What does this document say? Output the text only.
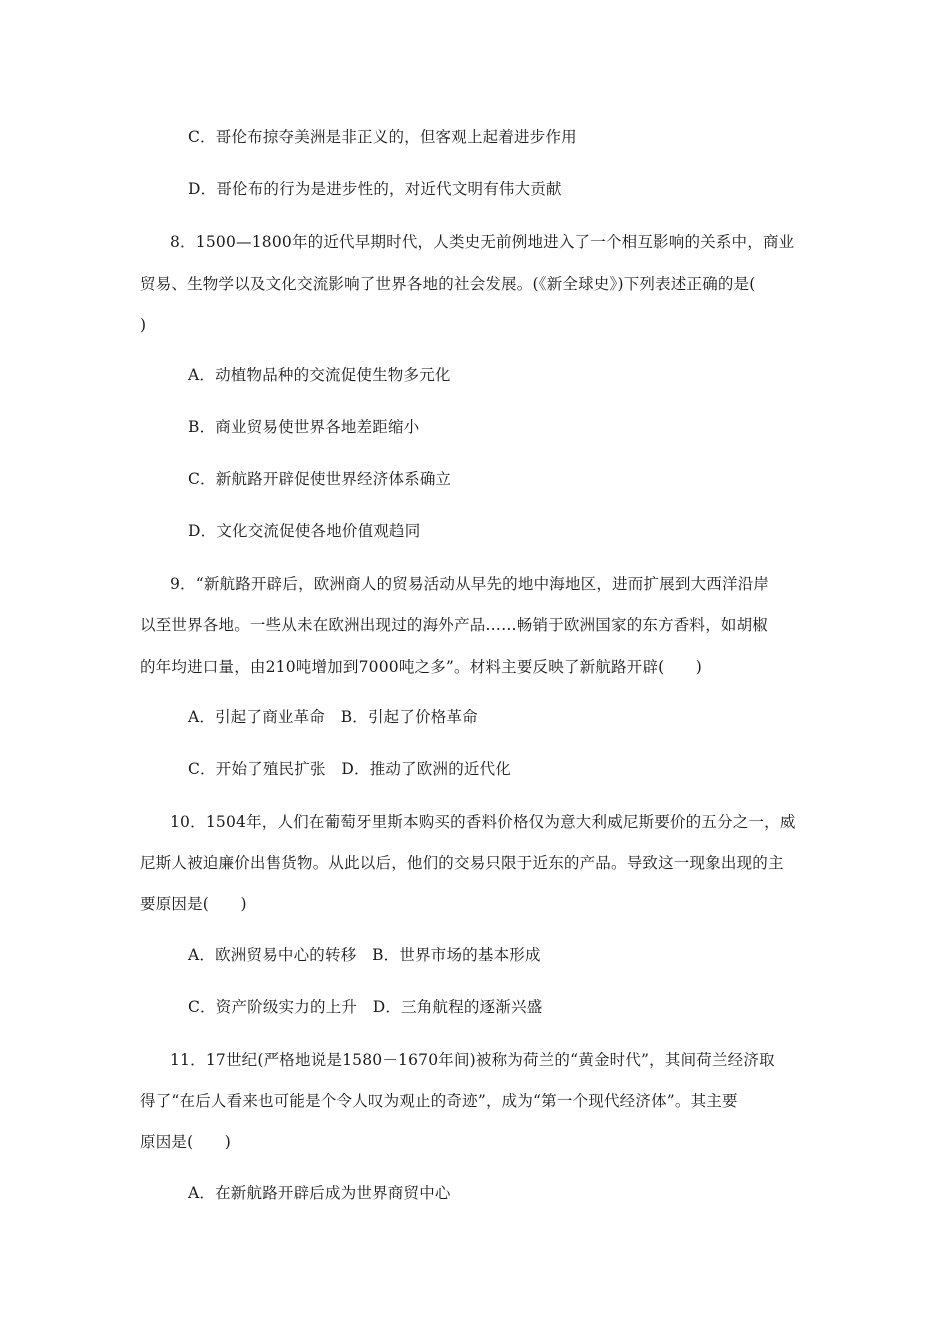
C．哥伦布掠夺美洲是非正义的，但客观上起着进步作用
D．哥伦布的行为是进步性的，对近代文明有伟大贡献
8．1500—1800年的近代早期时代，人类史无前例地进入了一个相互影响的关系中，商业
贸易、生物学以及文化交流影响了世界各地的社会发展。(《新全球史》)下列表述正确的是(
)
A．动植物品种的交流促使生物多元化
B．商业贸易使世界各地差距缩小
C．新航路开辟促使世界经济体系确立
D．文化交流促使各地价值观趋同
9．“新航路开辟后，欧洲商人的贸易活动从早先的地中海地区，进而扩展到大西洋沿岸
以至世界各地。一些从未在欧洲出现过的海外产品……畅销于欧洲国家的东方香料，如胡椒
的年均进口量，由210吨增加到7000吨之多”。材料主要反映了新航路开辟(　　)
A．引起了商业革命　B．引起了价格革命
C．开始了殖民扩张　D．推动了欧洲的近代化
10．1504年，人们在葡萄牙里斯本购买的香料价格仅为意大利威尼斯要价的五分之一，威
尼斯人被迫廉价出售货物。从此以后，他们的交易只限于近东的产品。导致这一现象出现的主
要原因是(　　)
A．欧洲贸易中心的转移　B．世界市场的基本形成
C．资产阶级实力的上升　D．三角航程的逐渐兴盛
11．17世纪(严格地说是1580－1670年间)被称为荷兰的“黄金时代”，其间荷兰经济取
得了“在后人看来也可能是个令人叹为观止的奇迹”，成为“第一个现代经济体”。其主要
原因是(　　)
A．在新航路开辟后成为世界商贸中心
